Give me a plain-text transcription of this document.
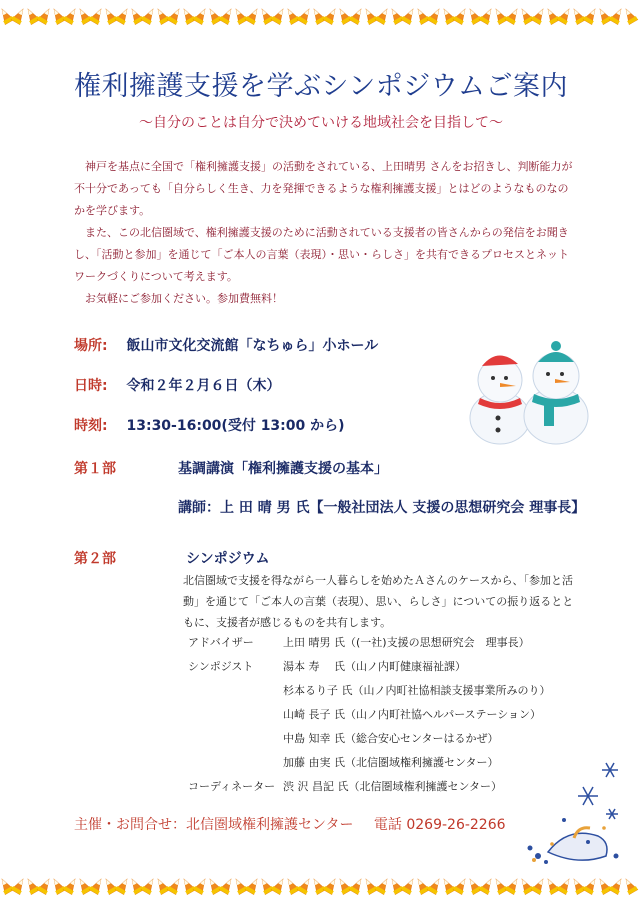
権利擁護支援を学ぶシンポジウムご案内
～自分のことは自分で決めていける地域社会を目指して～

神戸を基点に全国で「権利擁護支援」の活動をされている、上田晴男 さんをお招きし、判断能力が不十分であっても「自分らしく生き、力を発揮できるような権利擁護支援」とはどのようなものなのかを学びます。

また、この北信圏域で、権利擁護支援のために活動されている支援者の皆さんからの発信をお聞きし、「活動と参加」を通じて「ご本人の言葉（表現）・思い・らしさ」を共有できるプロセスとネットワークづくりについて考えます。

お気軽にご参加ください。参加費無料！

場所: 飯山市文化交流館「なちゅら」小ホール
日時: 令和２年２月６日（木）
時刻: 13:30-16:00(受付 13:00 から)
第１部	基調講演「権利擁護支援の基本」
講師：上 田 晴 男 氏【一般社団法人 支援の思想研究会 理事長】
第２部	シンポジウム
北信圏域で支援を得ながら一人暮らしを始めたＡさんのケースから、「参加と活動」を通じて「ご本人の言葉（表現）、思い、らしさ」についての振り返るとともに、支援者が感じるものを共有します。
アドバイザー	上田 晴男 氏（(一社)支援の思想研究会　理事長）
シンポジスト	湯本 寿　 氏（山ノ内町健康福祉課）
杉本るり子 氏（山ノ内町社協相談支援事業所みのり）
山崎 長子 氏（山ノ内町社協ヘルパーステーション）
中島 知幸 氏（総合安心センターはるかぜ）
加藤 由実 氏（北信圏域権利擁護センター）
コーディネーター 渋 沢 昌記 氏（北信圏域権利擁護センター）
主催・お問合せ：北信圏域権利擁護センター 電話 0269-26-2266
